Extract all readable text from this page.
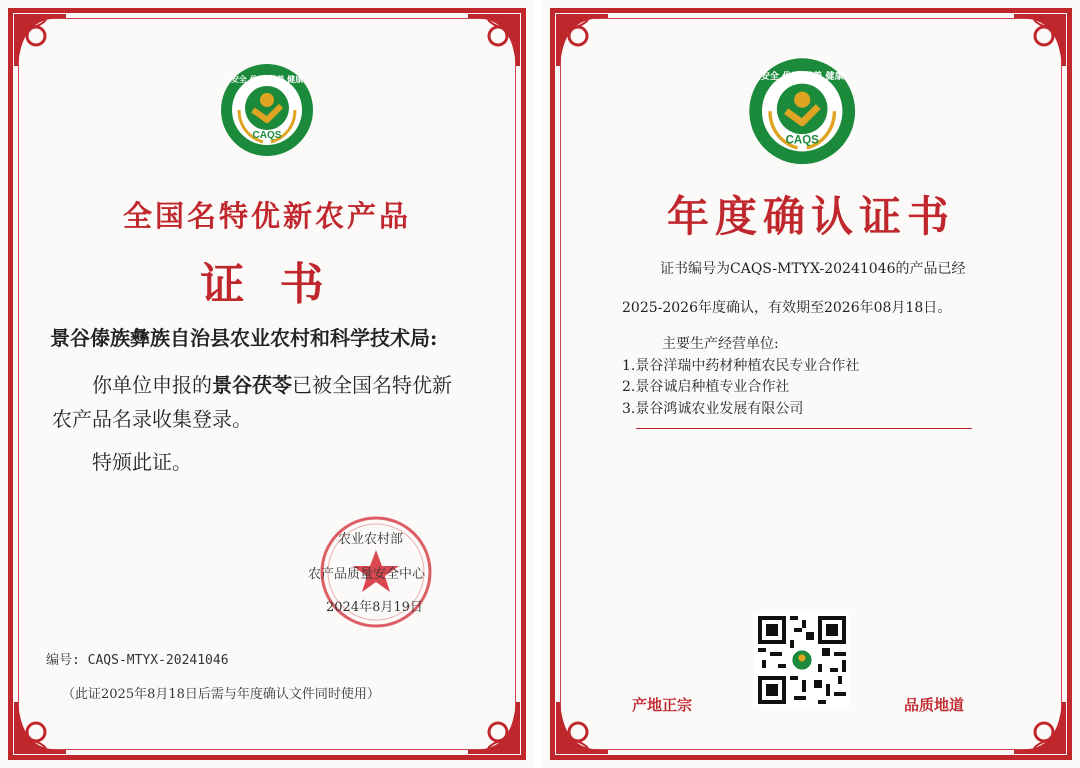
安全 优质 营养 健康
CAQS
全国名特优新农产品
证 书
景谷傣族彝族自治县农业农村和科学技术局:
你单位申报的景谷茯苓已被全国名特优新
农产品名录收集登录。
特颁此证。
农业农村部
农产品质量安全中心
2024年8月19日
编号: CAQS-MTYX-20241046
（此证2025年8月18日后需与年度确认文件同时使用）
安全 优质 营养 健康
CAQS
年度确认证书
证书编号为CAQS-MTYX-20241046的产品已经
2025-2026年度确认，有效期至2026年08月18日。
主要生产经营单位:
1.景谷洋瑞中药材种植农民专业合作社
2.景谷诚启种植专业合作社
3.景谷鸿诚农业发展有限公司
产地正宗	品质地道
